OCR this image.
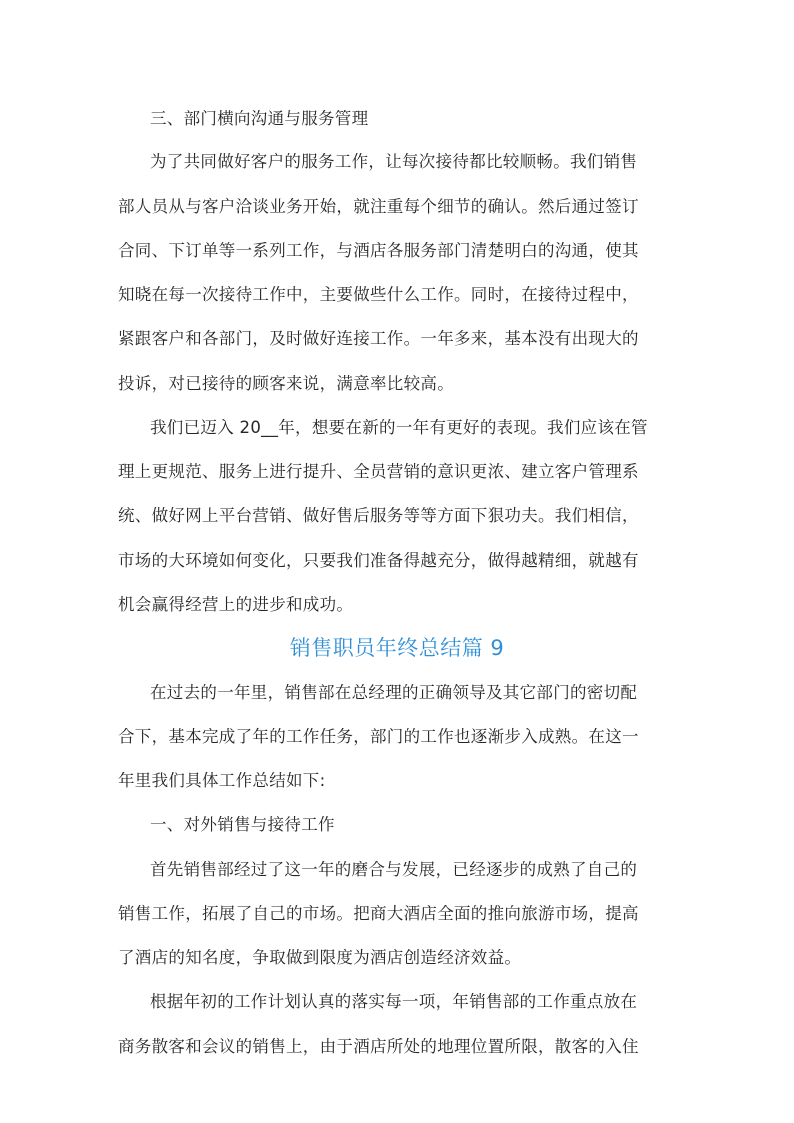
三、部门横向沟通与服务管理
为了共同做好客户的服务工作，让每次接待都比较顺畅。我们销售
部人员从与客户洽谈业务开始，就注重每个细节的确认。然后通过签订
合同、下订单等一系列工作，与酒店各服务部门清楚明白的沟通，使其
知晓在每一次接待工作中，主要做些什么工作。同时，在接待过程中，
紧跟客户和各部门，及时做好连接工作。一年多来，基本没有出现大的
投诉，对已接待的顾客来说，满意率比较高。
我们已迈入 20__年，想要在新的一年有更好的表现。我们应该在管
理上更规范、服务上进行提升、全员营销的意识更浓、建立客户管理系
统、做好网上平台营销、做好售后服务等等方面下狠功夫。我们相信，
市场的大环境如何变化，只要我们准备得越充分，做得越精细，就越有
机会赢得经营上的进步和成功。
销售职员年终总结篇 9
在过去的一年里，销售部在总经理的正确领导及其它部门的密切配
合下，基本完成了年的工作任务，部门的工作也逐渐步入成熟。在这一
年里我们具体工作总结如下:
一、对外销售与接待工作
首先销售部经过了这一年的磨合与发展，已经逐步的成熟了自己的
销售工作，拓展了自己的市场。把商大酒店全面的推向旅游市场，提高
了酒店的知名度，争取做到限度为酒店创造经济效益。
根据年初的工作计划认真的落实每一项，年销售部的工作重点放在
商务散客和会议的销售上，由于酒店所处的地理位置所限，散客的入住
